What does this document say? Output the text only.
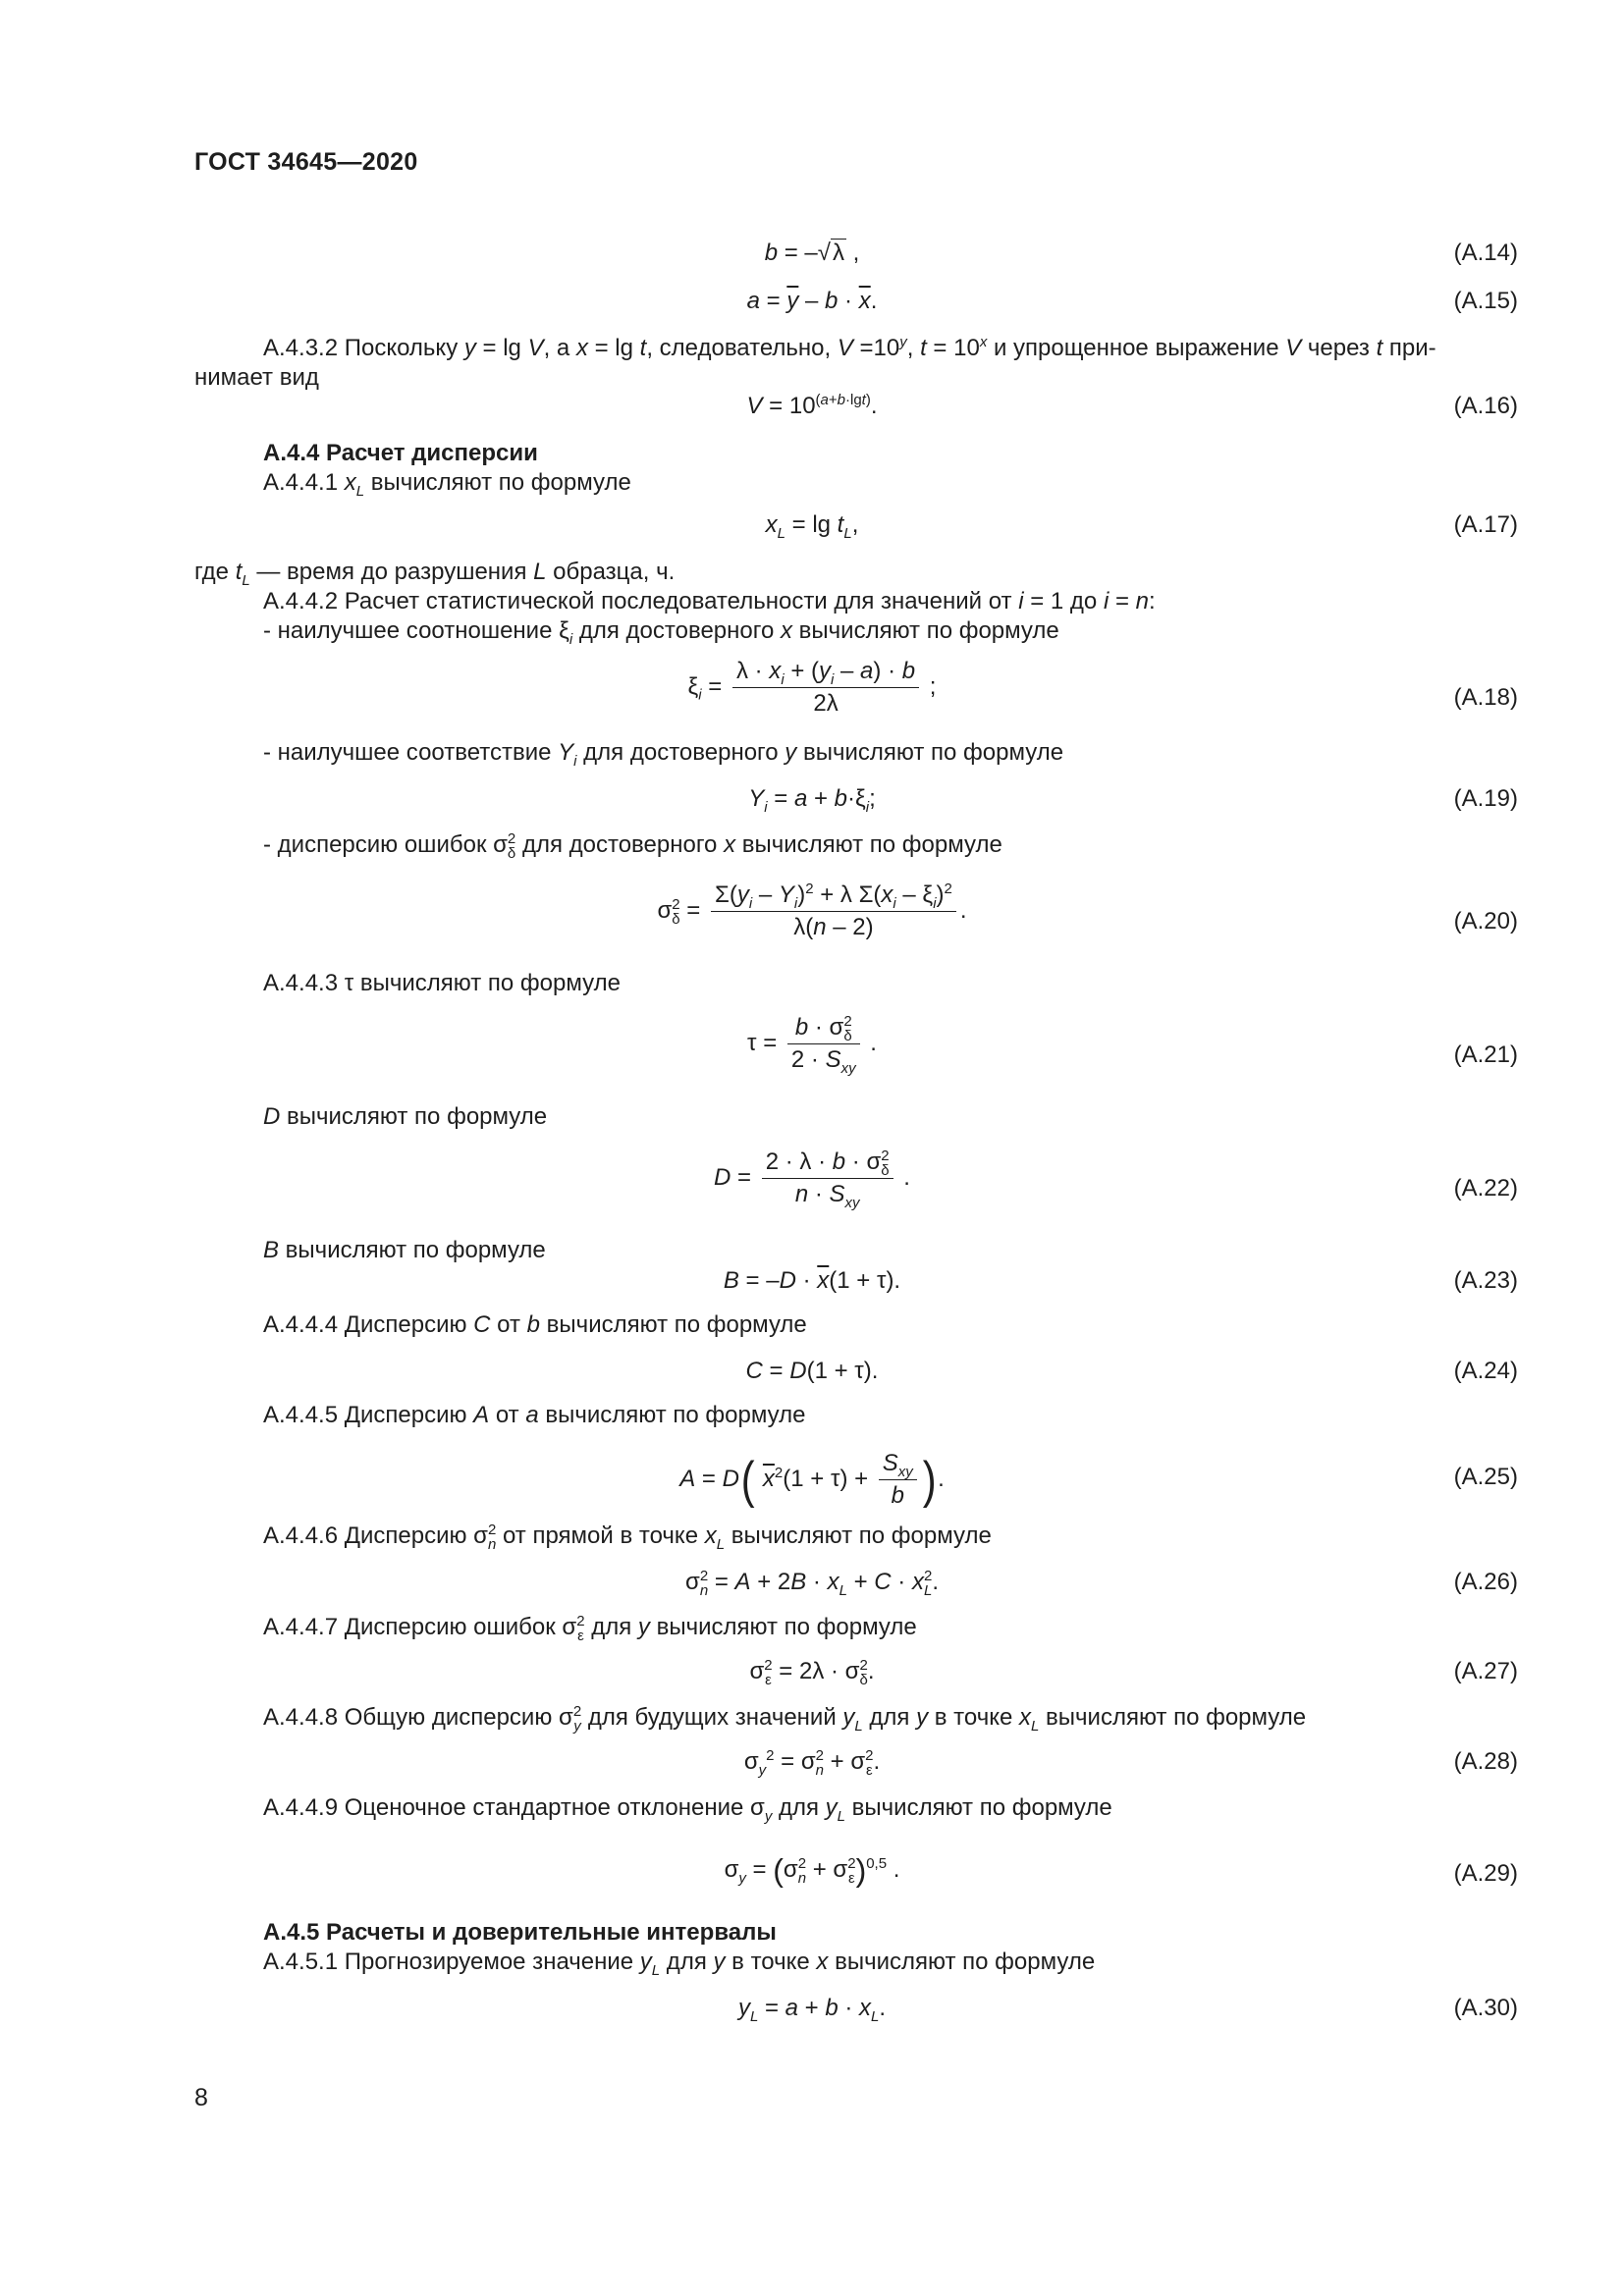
ГОСТ 34645—2020
b = –√λ ,	(A.14)
$a = \overline{y} - b \cdot \overline{x}$.	(A.15)
А.4.3.2 Поскольку y = lg V, а x = lg t, следовательно, $V =10^y$, $t = 10^x$ и упрощенное выражение V через t при-
нимает вид
$V = 10^{(a+b\cdot lgt)}$.	(A.16)
А.4.4 Расчет дисперсии
А.4.4.1 $x_L$ вычисляют по формуле
$x_L = \lg t_L$,	(A.17)
где $t_L$ — время до разрушения L образца, ч.
А.4.4.2 Расчет статистической последовательности для значений от i = 1 до i = n:
- наилучшее соотношение $\xi_i$ для достоверного x вычисляют по формуле
$\xi_i = \frac{\lambda \cdot x_i + (y_i - a) \cdot b}{2\lambda}$ ;	(A.18)
- наилучшее соответствие $Y_i$ для достоверного y вычисляют по формуле
$Y_i = a + b\cdot\xi_i$;	(A.19)
- дисперсию ошибок σ 2
δ для достоверного x вычисляют по формуле
σ 2
$\delta = \frac{\Sigma(y_i - Y_i)^2 + \lambda \Sigma(x_i - \xi_i)^2}{\lambda(n - 2)}$ .	(A.20)
А.4.4.3 τ вычисляют по формуле
τ = b · σ 2
δ
$2 \cdot S_{xy}$ .	(A.21)
D вычисляют по формуле
D = 2 · λ · b · σ 2
δ
$n \cdot S_{xy}$ .	(A.22)
B вычисляют по формуле
$B = -D \cdot \overline{x}(1 + \tau)$.	(A.23)
А.4.4.4 Дисперсию C от b вычисляют по формуле
C = D(1 + τ).	(A.24)
А.4.4.5 Дисперсию A от a вычисляют по формуле
A = D( $\overline{x}^2(1 + \tau) + \frac{S_{xy}}{b}$ ).	(A.25)
А.4.4.6 Дисперсию σ 2
n от прямой в точке $x_L$ вычисляют по формуле
σ 2
$n = A + 2B \cdot x_L + C \cdot x$ 2
L .	(A.26)
А.4.4.7 Дисперсию ошибок σ 2
ε для y вычисляют по формуле
σ 2
ε = 2λ · σ 2
δ .	(A.27)
А.4.4.8 Общую дисперсию σ 2
y для будущих значений $y_L$ для y в точке $x_L$ вычисляют по формуле
$\sigma_y^2 = \sigma$ 2
n + σ 2
ε .	(A.28)
А.4.4.9 Оценочное стандартное отклонение $\sigma_y$ для $y_L$ вычисляют по формуле
$\sigma_y = (\sigma$ 2
n + σ 2
ε )$^{0,5}$ .	(A.29)
А.4.5 Расчеты и доверительные интервалы
А.4.5.1 Прогнозируемое значение $y_L$ для y в точке x вычисляют по формуле
$y_L = a + b \cdot x_L$.	(A.30)
8
